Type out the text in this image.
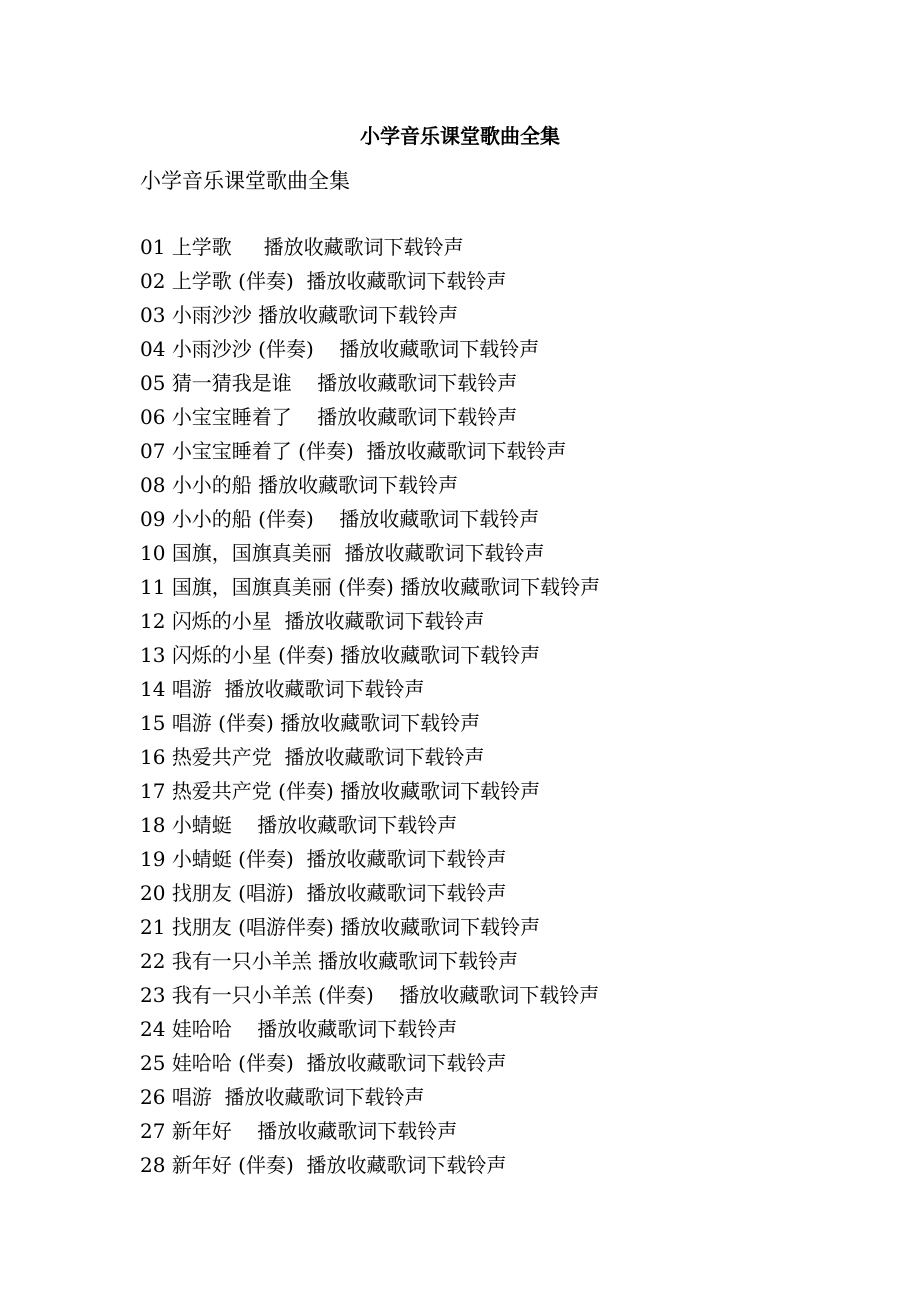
小学音乐课堂歌曲全集

小学音乐课堂歌曲全集

01 上学歌 播放收藏歌词下载铃声
02 上学歌 (伴奏) 播放收藏歌词下载铃声
03 小雨沙沙 播放收藏歌词下载铃声
04 小雨沙沙 (伴奏) 播放收藏歌词下载铃声
05 猜一猜我是谁 播放收藏歌词下载铃声
06 小宝宝睡着了 播放收藏歌词下载铃声
07 小宝宝睡着了 (伴奏) 播放收藏歌词下载铃声
08 小小的船 播放收藏歌词下载铃声
09 小小的船 (伴奏) 播放收藏歌词下载铃声
10 国旗，国旗真美丽 播放收藏歌词下载铃声
11 国旗，国旗真美丽 (伴奏) 播放收藏歌词下载铃声
12 闪烁的小星 播放收藏歌词下载铃声
13 闪烁的小星 (伴奏) 播放收藏歌词下载铃声
14 唱游 播放收藏歌词下载铃声
15 唱游 (伴奏) 播放收藏歌词下载铃声
16 热爱共产党 播放收藏歌词下载铃声
17 热爱共产党 (伴奏) 播放收藏歌词下载铃声
18 小蜻蜓 播放收藏歌词下载铃声
19 小蜻蜓 (伴奏) 播放收藏歌词下载铃声
20 找朋友 (唱游) 播放收藏歌词下载铃声
21 找朋友 (唱游伴奏) 播放收藏歌词下载铃声
22 我有一只小羊羔 播放收藏歌词下载铃声
23 我有一只小羊羔 (伴奏) 播放收藏歌词下载铃声
24 娃哈哈 播放收藏歌词下载铃声
25 娃哈哈 (伴奏) 播放收藏歌词下载铃声
26 唱游 播放收藏歌词下载铃声
27 新年好 播放收藏歌词下载铃声
28 新年好 (伴奏) 播放收藏歌词下载铃声
